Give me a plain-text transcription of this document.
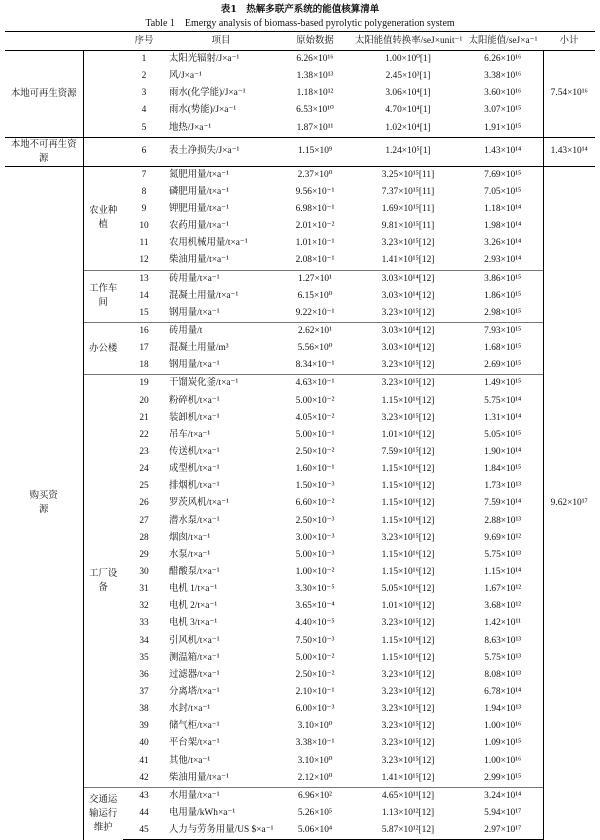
表1　热解多联产系统的能值核算清单
Table 1　Emergy analysis of biomass-based pyrolytic polygeneration system
		序号	项目	原始数据	太阳能值转换率/seJ×unit⁻¹	太阳能值/seJ×a⁻¹	小计
本地可再生资源		1	太阳光辐射/J×a⁻¹	6.26×10¹⁶	1.00×10⁰[1]	6.26×10¹⁶	7.54×10¹⁶
		2	风/J×a⁻¹	1.38×10¹³	2.45×10³[1]	3.38×10¹⁶	
		3	雨水(化学能)/J×a⁻¹	1.18×10¹²	3.06×10⁴[1]	3.60×10¹⁶	
		4	雨水(势能)/J×a⁻¹	6.53×10¹⁰	4.70×10⁴[1]	3.07×10¹⁵	
		5	地热/J×a⁻¹	1.87×10¹¹	1.02×10⁴[1]	1.91×10¹⁵	
本地不可再生资源		6	表土净损失/J×a⁻¹	1.15×10⁹	1.24×10⁵[1]	1.43×10¹⁴	1.43×10¹⁴
购买资源	农业种植	7	氮肥用量/t×a⁻¹	2.37×10⁰	3.25×10¹⁵[11]	7.69×10¹⁵	9.62×10¹⁷
		8	磷肥用量/t×a⁻¹	9.56×10⁻¹	7.37×10¹⁵[11]	7.05×10¹⁵	
		9	钾肥用量/t×a⁻¹	6.98×10⁻¹	1.69×10¹⁵[11]	1.18×10¹⁴	
		10	农药用量/t×a⁻¹	2.01×10⁻²	9.81×10¹⁵[11]	1.98×10¹⁴	
		11	农用机械用量/t×a⁻¹	1.01×10⁻¹	3.23×10¹⁵[12]	3.26×10¹⁴	
		12	柴油用量/t×a⁻¹	2.08×10⁻¹	1.41×10¹⁵[12]	2.93×10¹⁴	
	工作车间	13	砖用量/t×a⁻¹	1.27×10¹	3.03×10¹⁴[12]	3.86×10¹⁵	
		14	混凝土用量/t×a⁻¹	6.15×10⁰	3.03×10¹⁴[12]	1.86×10¹⁵	
		15	钢用量/t×a⁻¹	9.22×10⁻¹	3.23×10¹⁵[12]	2.98×10¹⁵	
	办公楼	16	砖用量/t	2.62×10¹	3.03×10¹⁴[12]	7.93×10¹⁵	
		17	混凝土用量/m³	5.56×10⁰	3.03×10¹⁴[12]	1.68×10¹⁵	
		18	钢用量/t×a⁻¹	8.34×10⁻¹	3.23×10¹⁵[12]	2.69×10¹⁵	
	工厂设备	19	干馏炭化釜/t×a⁻¹	4.63×10⁻¹	3.23×10¹⁵[12]	1.49×10¹⁵	
		20	粉碎机/t×a⁻¹	5.00×10⁻²	1.15×10¹⁶[12]	5.75×10¹⁴	
		21	装卸机/t×a⁻¹	4.05×10⁻²	3.23×10¹⁵[12]	1.31×10¹⁴	
		22	吊车/t×a⁻¹	5.00×10⁻¹	1.01×10¹⁶[12]	5.05×10¹⁵	
		23	传送机/t×a⁻¹	2.50×10⁻²	7.59×10¹⁵[12]	1.90×10¹⁴	
		24	成型机/t×a⁻¹	1.60×10⁻¹	1.15×10¹⁶[12]	1.84×10¹⁵	
		25	排烟机/t×a⁻¹	1.50×10⁻³	1.15×10¹⁶[12]	1.73×10¹³	
		26	罗茨风机/t×a⁻¹	6.60×10⁻²	1.15×10¹⁶[12]	7.59×10¹⁴	
		27	潜水泵/t×a⁻¹	2.50×10⁻³	1.15×10¹⁶[12]	2.88×10¹³	
		28	烟囱/t×a⁻¹	3.00×10⁻³	3.23×10¹⁵[12]	9.69×10¹²	
		29	水泵/t×a⁻¹	5.00×10⁻³	1.15×10¹⁶[12]	5.75×10¹³	
		30	醋酸泵/t×a⁻¹	1.00×10⁻²	1.15×10¹⁶[12]	1.15×10¹⁴	
		31	电机 1/t×a⁻¹	3.30×10⁻⁵	5.05×10¹⁶[12]	1.67×10¹²	
		32	电机 2/t×a⁻¹	3.65×10⁻⁴	1.01×10¹⁶[12]	3.68×10¹²	
		33	电机 3/t×a⁻¹	4.40×10⁻⁵	3.23×10¹⁵[12]	1.42×10¹¹	
		34	引风机/t×a⁻¹	7.50×10⁻³	1.15×10¹⁶[12]	8.63×10¹³	
		35	测温箱/t×a⁻¹	5.00×10⁻²	1.15×10¹⁶[12]	5.75×10¹³	
		36	过滤器/t×a⁻¹	2.50×10⁻²	3.23×10¹⁵[12]	8.08×10¹³	
		37	分离塔/t×a⁻¹	2.10×10⁻¹	3.23×10¹⁵[12]	6.78×10¹⁴	
		38	水封/t×a⁻¹	6.00×10⁻³	3.23×10¹⁵[12]	1.94×10¹³	
		39	储气柜/t×a⁻¹	3.10×10⁰	3.23×10¹⁵[12]	1.00×10¹⁶	
		40	平台架/t×a⁻¹	3.38×10⁻¹	3.23×10¹⁵[12]	1.09×10¹⁵	
		41	其他/t×a⁻¹	3.10×10⁰	3.23×10¹⁵[12]	1.00×10¹⁶	
		42	柴油用量/t×a⁻¹	2.12×10⁰	1.41×10¹⁵[12]	2.99×10¹⁵	
	交通运输运行维护	43	水用量/t×a⁻¹	6.96×10²	4.65×10¹¹[12]	3.24×10¹⁴	
		44	电用量/kWh×a⁻¹	5.26×10⁵	1.13×10¹²[12]	5.94×10¹⁷	
		45	人力与劳务用量/US $×a⁻¹	5.06×10⁴	5.87×10¹²[12]	2.97×10¹⁷	
